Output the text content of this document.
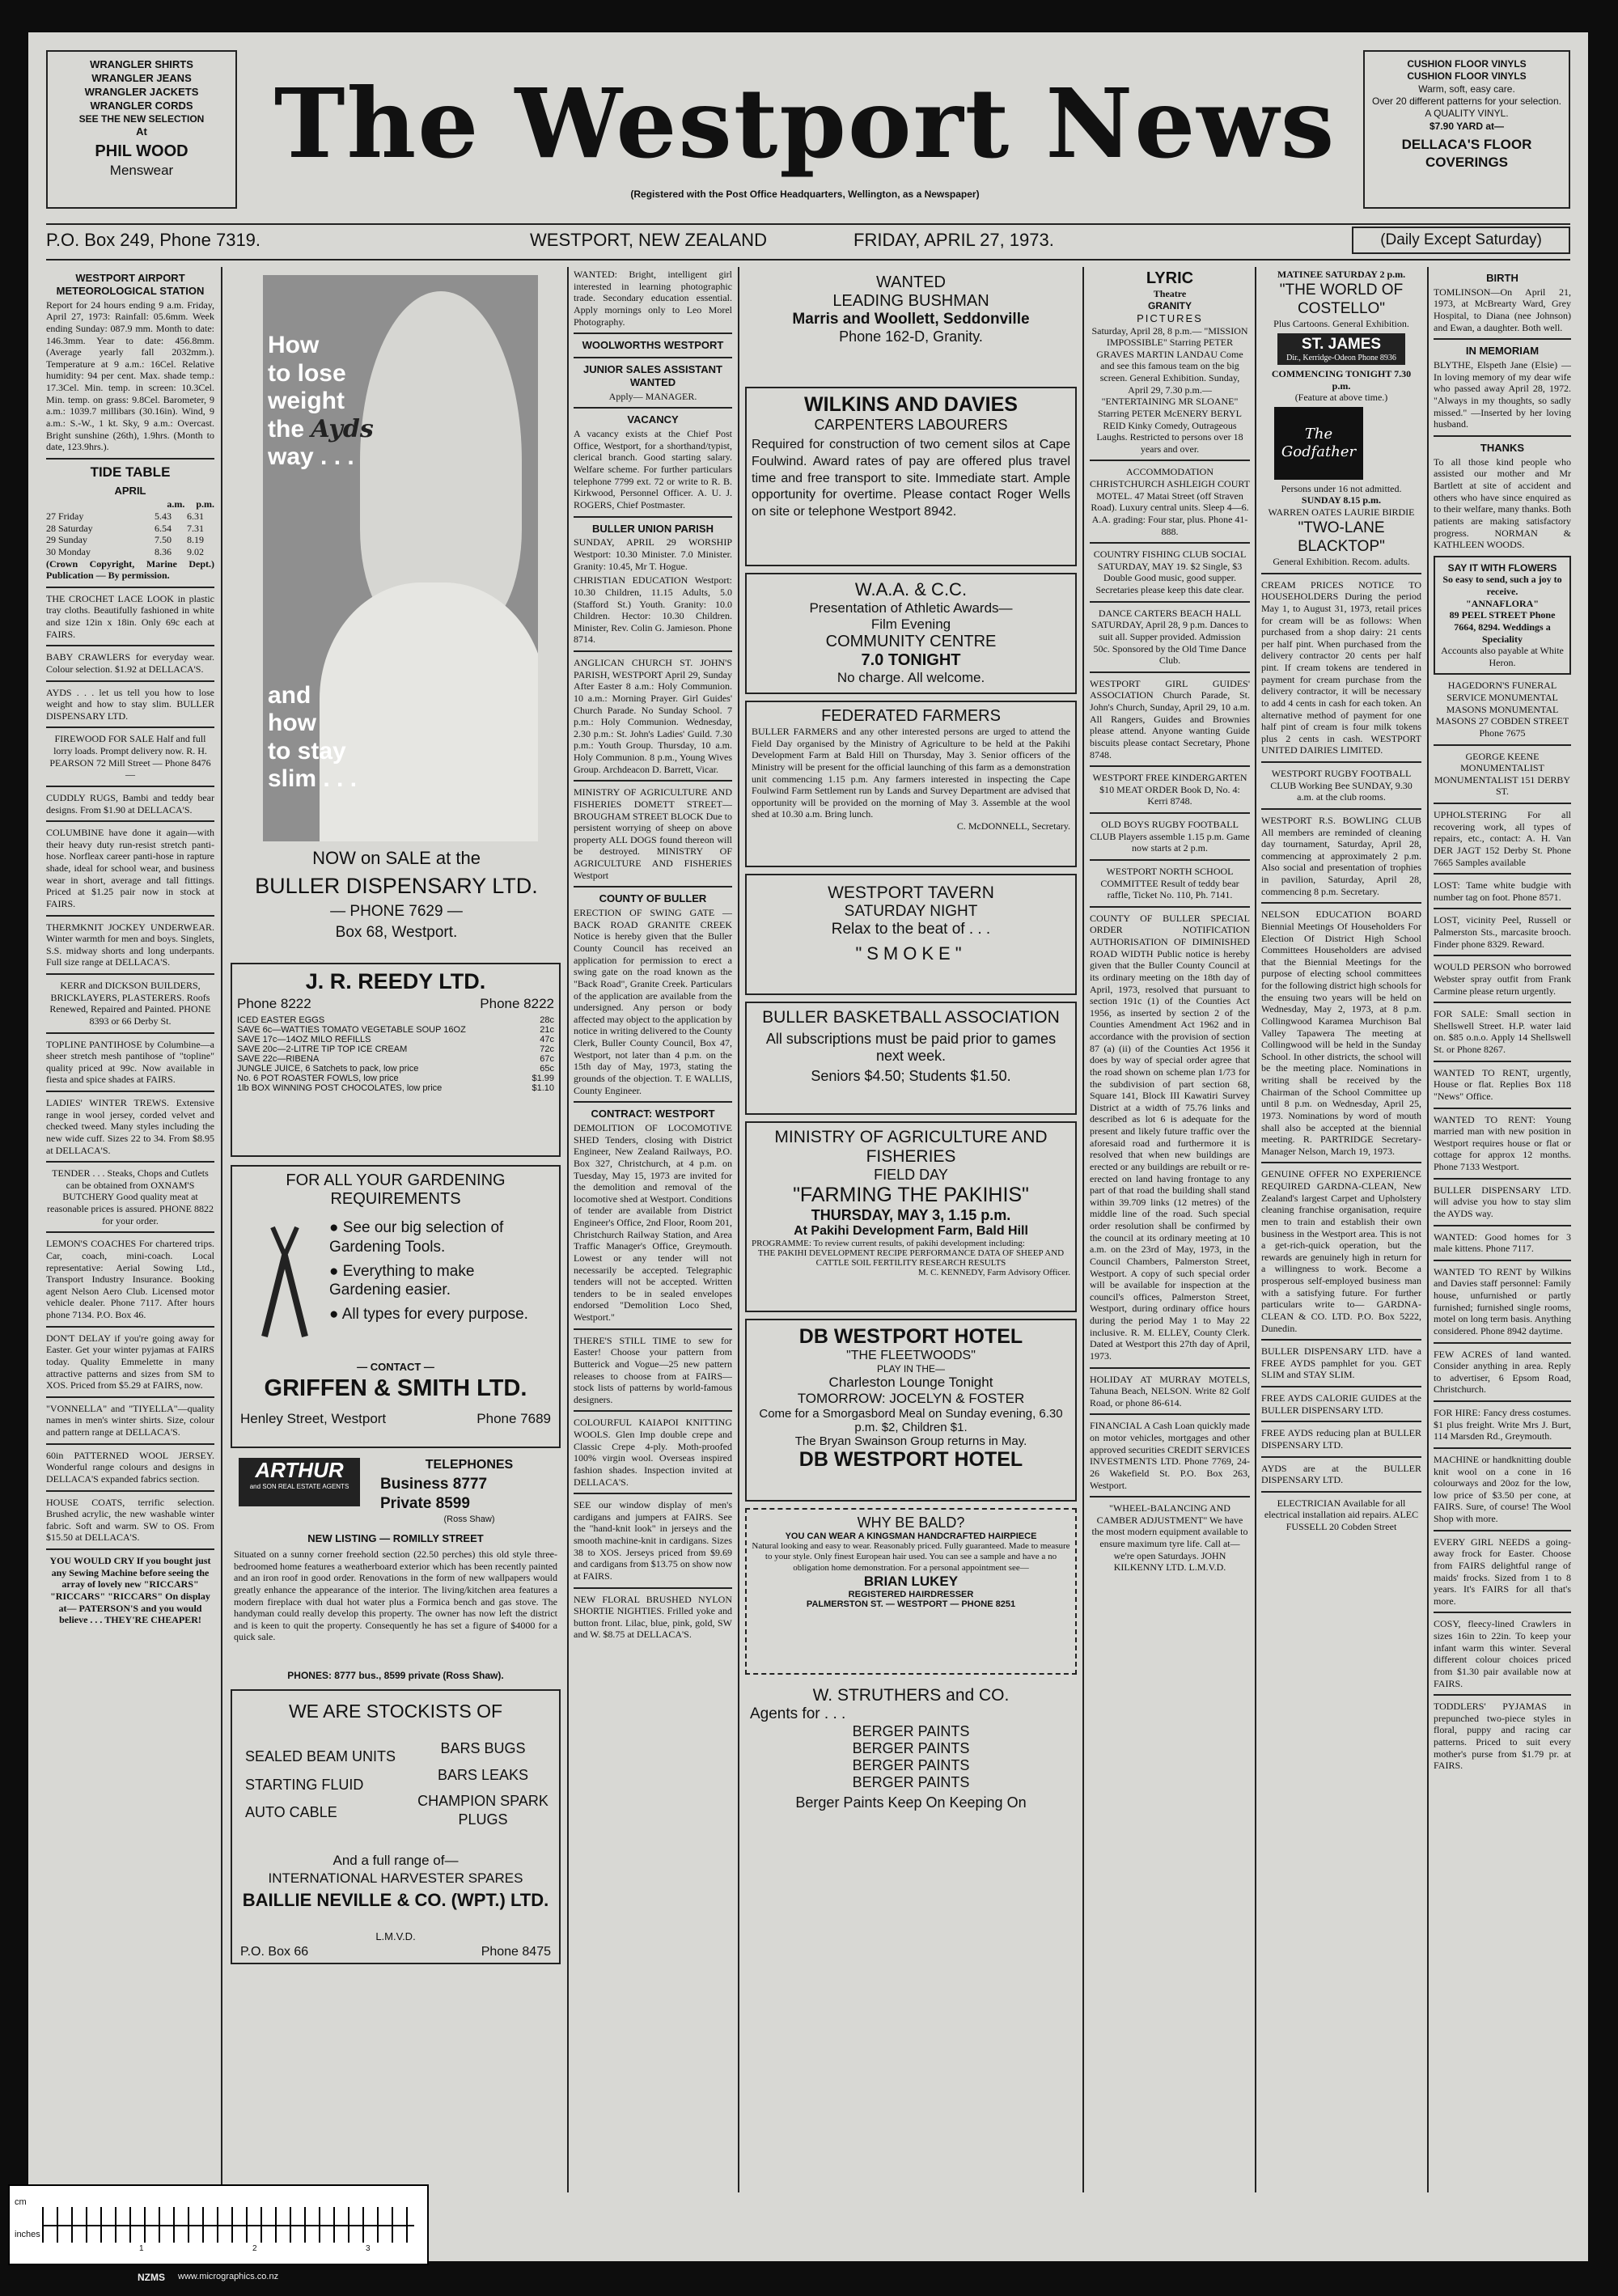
WRANGLER SHIRTS
WRANGLER JEANS
WRANGLER JACKETS
WRANGLER CORDS
SEE THE NEW SELECTION
At
PHIL WOOD
Menswear	The Westport News
(Registered with the Post Office Headquarters, Wellington, as a Newspaper)
CUSHION FLOOR VINYLS
CUSHION FLOOR VINYLS
Warm, soft, easy care.
Over 20 different patterns for your selection.
A QUALITY VINYL.
$7.90 YARD at—
DELLACA'S FLOOR COVERINGS
P.O. Box 249, Phone 7319.	WESTPORT, NEW ZEALAND	FRIDAY, APRIL 27, 1973.	(Daily Except Saturday)
WESTPORT AIRPORT METEOROLOGICAL STATION

Report for 24 hours ending 9 a.m. Friday, April 27, 1973: Rainfall: 05.6mm. Week ending Sunday: 087.9 mm. Month to date: 146.3mm. Year to date: 456.8mm. (Average yearly fall 2032mm.). Temperature at 9 a.m.: 16Cel. Relative humidity: 94 per cent. Max. shade temp.: 17.3Cel. Min. temp. in screen: 10.3Cel. Min. temp. on grass: 9.8Cel. Barometer, 9 a.m.: 1039.7 millibars (30.16in). Wind, 9 a.m.: S.-W., 1 kt. Sky, 9 a.m.: Overcast. Bright sunshine (26th), 1.9hrs. (Month to date, 123.9hrs.).

TIDE TABLE
APRIL
a.m. p.m.
27 Friday	5.43	6.31
28 Saturday	6.54	7.31
29 Sunday	7.50	8.19
30 Monday	8.36	9.02

(Crown Copyright, Marine Dept.) Publication — By permission.

THE CROCHET LACE LOOK in plastic tray cloths. Beautifully fashioned in white and size 12in x 18in. Only 69c each at FAIRS.

BABY CRAWLERS for everyday wear. Colour selection. $1.92 at DELLACA'S.

AYDS . . . let us tell you how to lose weight and how to stay slim. BULLER DISPENSARY LTD.

FIREWOOD FOR SALE Half and full lorry loads. Prompt delivery now. R. H. PEARSON 72 Mill Street — Phone 8476 —

CUDDLY RUGS, Bambi and teddy bear designs. From $1.90 at DELLACA'S.

COLUMBINE have done it again—with their heavy duty run-resist stretch panti-hose. Norfleax career panti-hose in rapture shade, ideal for school wear, and business wear in short, average and tall fittings. Priced at $1.25 pair now in stock at FAIRS.

THERMKNIT JOCKEY UNDERWEAR. Winter warmth for men and boys. Singlets, S.S. midway shorts and long underpants. Full size range at DELLACA'S.

KERR and DICKSON BUILDERS, BRICKLAYERS, PLASTERERS. Roofs Renewed, Repaired and Painted. PHONE 8393 or 66 Derby St.

TOPLINE PANTIHOSE by Columbine—a sheer stretch mesh pantihose of "topline" quality priced at 99c. Now available in fiesta and spice shades at FAIRS.

LADIES' WINTER TREWS. Extensive range in wool jersey, corded velvet and checked tweed. Many styles including the new wide cuff. Sizes 22 to 34. From $8.95 at DELLACA'S.

TENDER . . . Steaks, Chops and Cutlets can be obtained from OXNAM'S BUTCHERY Good quality meat at reasonable prices is assured. PHONE 8822 for your order.

LEMON'S COACHES For chartered trips. Car, coach, mini-coach. Local representative: Aerial Sowing Ltd., Transport Industry Insurance. Booking agent Nelson Aero Club. Licensed motor vehicle dealer. Phone 7117. After hours phone 7134. P.O. Box 46.

DON'T DELAY if you're going away for Easter. Get your winter pyjamas at FAIRS today. Quality Emmelette in many attractive patterns and sizes from SM to XOS. Priced from $5.29 at FAIRS, now.

"VONNELLA" and "TIYELLA"—quality names in men's winter shirts. Size, colour and pattern range at DELLACA'S.

60in PATTERNED WOOL JERSEY. Wonderful range colours and designs in DELLACA'S expanded fabrics section.

HOUSE COATS, terrific selection. Brushed acrylic, the new washable winter fabric. Soft and warm. SW to OS. From $15.50 at DELLACA'S.

YOU WOULD CRY If you bought just any Sewing Machine before seeing the array of lovely new "RICCARS" "RICCARS" "RICCARS" On display at— PATERSON'S and you would believe . . . THEY'RE CHEAPER!

How
to lose
weight
the Ayds
way . . .
and
how
to stay
slim . . .
NOW on SALE at the
BULLER DISPENSARY LTD.
— PHONE 7629 —
Box 68, Westport.
J. R. REEDY LTD.
Phone 8222	Phone 8222
ICED EASTER EGGS	28c
SAVE 6c—WATTIES TOMATO VEGETABLE SOUP 16OZ	21c
SAVE 17c—14OZ MILO REFILLS	47c
SAVE 20c—2-LITRE TIP TOP ICE CREAM	72c
SAVE 22c—RIBENA	67c
JUNGLE JUICE, 6 Satchets to pack, low price	65c
No. 6 POT ROASTER FOWLS, low price	$1.99
1lb BOX WINNING POST CHOCOLATES, low price	$1.10
FOR ALL YOUR GARDENING REQUIREMENTS
● See our big selection of Gardening Tools.
● Everything to make Gardening easier.
● All types for every purpose.
— CONTACT —
GRIFFEN & SMITH LTD.
Henley Street, Westport	Phone 7689
ARTHUR
and SON REAL ESTATE AGENTS
TELEPHONES
Business 8777
Private 8599
(Ross Shaw)
NEW LISTING — ROMILLY STREET
Situated on a sunny corner freehold section (22.50 perches) this old style three-bedroomed home features a weatherboard exterior which has been recently painted and an iron roof in good order. Renovations in the form of new wallpapers would greatly enhance the appearance of the interior. The living/kitchen area features a modern fireplace with dual hot water plus a Formica bench and gas stove. The handyman could really develop this property. The owner has now left the district and is keen to quit the property. Consequently he has set a figure of $4000 for a quick sale.
PHONES: 8777 bus., 8599 private (Ross Shaw).
WE ARE STOCKISTS OF
SEALED BEAM UNITS
STARTING FLUID
AUTO CABLE
BARS BUGS
BARS LEAKS
CHAMPION SPARK PLUGS
And a full range of—
INTERNATIONAL HARVESTER SPARES
BAILLIE NEVILLE & CO. (WPT.) LTD.
L.M.V.D.
P.O. Box 66	Phone 8475

WANTED: Bright, intelligent girl interested in learning photographic trade. Secondary education essential. Apply mornings only to Leo Morel Photography.

WOOLWORTHS WESTPORT
JUNIOR SALES ASSISTANT WANTED

Apply— MANAGER.

VACANCY

A vacancy exists at the Chief Post Office, Westport, for a shorthand/typist, clerical branch. Good starting salary. Welfare scheme. For further particulars telephone 7799 ext. 72 or write to R. B. Kirkwood, Personnel Officer. A. U. J. ROGERS, Chief Postmaster.

BULLER UNION PARISH

SUNDAY, APRIL 29 WORSHIP Westport: 10.30 Minister. 7.0 Minister. Granity: 10.45, Mr T. Hogue.

CHRISTIAN EDUCATION Westport: 10.30 Children, 11.15 Adults, 5.0 (Stafford St.) Youth. Granity: 10.0 Children. Hector: 10.30 Children. Minister, Rev. Colin G. Jamieson. Phone 8714.

ANGLICAN CHURCH ST. JOHN'S PARISH, WESTPORT April 29, Sunday After Easter 8 a.m.: Holy Communion. 10 a.m.: Morning Prayer. Girl Guides' Church Parade. No Sunday School. 7 p.m.: Holy Communion. Wednesday, 2.30 p.m.: St. John's Ladies' Guild. 7.30 p.m.: Youth Group. Thursday, 10 a.m. Holy Communion. 8 p.m., Young Wives Group. Archdeacon D. Barrett, Vicar.

MINISTRY OF AGRICULTURE AND FISHERIES DOMETT STREET—BROUGHAM STREET BLOCK Due to persistent worrying of sheep on above property ALL DOGS found thereon will be destroyed. MINISTRY OF AGRICULTURE AND FISHERIES Westport

COUNTY OF BULLER

ERECTION OF SWING GATE —BACK ROAD GRANITE CREEK Notice is hereby given that the Buller County Council has received an application for permission to erect a swing gate on the road known as the "Back Road", Granite Creek. Particulars of the application are available from the undersigned. Any person or body affected may object to the application by notice in writing delivered to the County Clerk, Buller County Council, Box 47, Westport, not later than 4 p.m. on the 15th day of May, 1973, stating the grounds of the objection. T. E WALLIS, County Engineer.

CONTRACT: WESTPORT

DEMOLITION OF LOCOMOTIVE SHED Tenders, closing with District Engineer, New Zealand Railways, P.O. Box 327, Christchurch, at 4 p.m. on Tuesday, May 15, 1973 are invited for the demolition and removal of the locomotive shed at Westport. Conditions of tender are available from District Engineer's Office, 2nd Floor, Room 201, Christchurch Railway Station, and Area Traffic Manager's Office, Greymouth. Lowest or any tender will not necessarily be accepted. Telegraphic tenders will not be accepted. Written tenders to be in sealed envelopes endorsed "Demolition Loco Shed, Westport."

THERE'S STILL TIME to sew for Easter! Choose your pattern from Butterick and Vogue—25 new pattern releases to choose from at FAIRS—stock lists of patterns by world-famous designers.

COLOURFUL KAIAPOI KNITTING WOOLS. Glen Imp double crepe and Classic Crepe 4-ply. Moth-proofed 100% virgin wool. Overseas inspired fashion shades. Inspection invited at DELLACA'S.

SEE our window display of men's cardigans and jumpers at FAIRS. See the "hand-knit look" in jerseys and the smooth machine-knit in cardigans. Sizes 38 to XOS. Jerseys priced from $9.69 and cardigans from $13.75 on show now at FAIRS.

NEW FLORAL BRUSHED NYLON SHORTIE NIGHTIES. Frilled yoke and button front. Lilac, blue, pink, gold, SW and W. $8.75 at DELLACA'S.

WANTED
LEADING BUSHMAN
Marris and Woollett, Seddonville
Phone 162-D, Granity.
WILKINS AND DAVIES
CARPENTERS LABOURERS
Required for construction of two cement silos at Cape Foulwind. Award rates of pay are offered plus travel time and free transport to site. Immediate start. Ample opportunity for overtime. Please contact Roger Wells on site or telephone Westport 8942.
W.A.A. & C.C.
Presentation of Athletic Awards—
Film Evening
COMMUNITY CENTRE
7.0 TONIGHT
No charge. All welcome.
FEDERATED FARMERS
BULLER FARMERS and any other interested persons are urged to attend the Field Day organised by the Ministry of Agriculture to be held at the Pakihi Development Farm at Bald Hill on Thursday, May 3. Senior officers of the Ministry will be present for the official launching of this farm as a demonstration unit commencing 1.15 p.m. Any farmers interested in inspecting the Cape Foulwind Farm Settlement run by Lands and Survey Department are advised that opportunity will be provided on the morning of May 3. Assemble at the wool shed at 10.30 a.m. Bring lunch.
C. McDONNELL, Secretary.
WESTPORT TAVERN
SATURDAY NIGHT
Relax to the beat of . . .
"SMOKE"
BULLER BASKETBALL ASSOCIATION
All subscriptions must be paid prior to games next week.
Seniors $4.50; Students $1.50.
MINISTRY OF AGRICULTURE AND FISHERIES
FIELD DAY
"FARMING THE PAKIHIS"
THURSDAY, MAY 3, 1.15 p.m.
At Pakihi Development Farm, Bald Hill
PROGRAMME: To review current results, of pakihi development including:
THE PAKIHI DEVELOPMENT RECIPE PERFORMANCE DATA OF SHEEP AND CATTLE SOIL FERTILITY RESEARCH RESULTS
M. C. KENNEDY, Farm Advisory Officer.
DB WESTPORT HOTEL
"THE FLEETWOODS"
PLAY IN THE—
Charleston Lounge Tonight
TOMORROW: JOCELYN & FOSTER
Come for a Smorgasbord Meal on Sunday evening, 6.30 p.m. $2, Children $1.
The Bryan Swainson Group returns in May.
DB WESTPORT HOTEL
WHY BE BALD?
YOU CAN WEAR A KINGSMAN HANDCRAFTED HAIRPIECE
Natural looking and easy to wear. Reasonably priced. Fully guaranteed. Made to measure to your style. Only finest European hair used. You can see a sample and have a no obligation home demonstration. For a personal appointment see—
BRIAN LUKEY
REGISTERED HAIRDRESSER
PALMERSTON ST. — WESTPORT — PHONE 8251
W. STRUTHERS and CO.
Agents for . . .
BERGER PAINTS
BERGER PAINTS
BERGER PAINTS
BERGER PAINTS
Berger Paints Keep On Keeping On
LYRIC
Theatre
GRANITY
PICTURES

Saturday, April 28, 8 p.m.— "MISSION IMPOSSIBLE" Starring PETER GRAVES MARTIN LANDAU Come and see this famous team on the big screen. General Exhibition. Sunday, April 29, 7.30 p.m.— "ENTERTAINING MR SLOANE" Starring PETER McENERY BERYL REID Kinky Comedy, Outrageous Laughs. Restricted to persons over 18 years and over.

ACCOMMODATION CHRISTCHURCH ASHLEIGH COURT MOTEL. 47 Matai Street (off Straven Road). Luxury central units. Sleep 4—6. A.A. grading: Four star, plus. Phone 41-888.

COUNTRY FISHING CLUB SOCIAL SATURDAY, MAY 19. $2 Single, $3 Double Good music, good supper. Secretaries please keep this date clear.

DANCE CARTERS BEACH HALL SATURDAY, April 28, 9 p.m. Dances to suit all. Supper provided. Admission 50c. Sponsored by the Old Time Dance Club.

WESTPORT GIRL GUIDES' ASSOCIATION Church Parade, St. John's Church, Sunday, April 29, 10 a.m. All Rangers, Guides and Brownies please attend. Anyone wanting Guide biscuits please contact Secretary, Phone 8748.

WESTPORT FREE KINDERGARTEN $10 MEAT ORDER Book D, No. 4: Kerri 8748.

OLD BOYS RUGBY FOOTBALL CLUB Players assemble 1.15 p.m. Game now starts at 2 p.m.

WESTPORT NORTH SCHOOL COMMITTEE Result of teddy bear raffle, Ticket No. 110, Ph. 7141.

COUNTY OF BULLER SPECIAL ORDER NOTIFICATION AUTHORISATION OF DIMINISHED ROAD WIDTH Public notice is hereby given that the Buller County Council at its ordinary meeting on the 18th day of April, 1973, resolved that pursuant to section 191c (1) of the Counties Act 1956, as inserted by section 2 of the Counties Amendment Act 1962 and in accordance with the provision of section 87 (a) (ii) of the Counties Act 1956 it does by way of special order agree that the road shown on scheme plan 1/73 for the subdivision of part section 68, Square 141, Block III Kawatiri Survey District at a width of 75.76 links and described as lot 6 is adequate for the present and likely future traffic over the aforesaid road and furthermore it is resolved that when new buildings are erected or any buildings are rebuilt or re-erected on land having frontage to any part of that road the building shall stand within 39.709 links (12 metres) of the middle line of the road. Such special order resolution shall be confirmed by the council at its ordinary meeting at 10 a.m. on the 23rd of May, 1973, in the Council Chambers, Palmerston Street, Westport. A copy of such special order will be available for inspection at the council's offices, Palmerston Street, Westport, during ordinary office hours during the period May 1 to May 22 inclusive. R. M. ELLEY, County Clerk. Dated at Westport this 27th day of April, 1973.

HOLIDAY AT MURRAY MOTELS, Tahuna Beach, NELSON. Write 82 Golf Road, or phone 86-614.

FINANCIAL A Cash Loan quickly made on motor vehicles, mortgages and other approved securities CREDIT SERVICES INVESTMENTS LTD. Phone 7769, 24-26 Wakefield St. P.O. Box 263, Westport.

"WHEEL-BALANCING AND CAMBER ADJUSTMENT" We have the most modern equipment available to ensure maximum tyre life. Call at—we're open Saturdays. JOHN KILKENNY LTD. L.M.V.D.

MATINEE SATURDAY 2 p.m.
"THE WORLD OF COSTELLO"
Plus Cartoons. General Exhibition.
ST. JAMES
Dir., Kerridge-Odeon Phone 8936
COMMENCING TONIGHT 7.30 p.m.
(Feature at above time.)
The Godfather
Persons under 16 not admitted.
SUNDAY 8.15 p.m.
WARREN OATES LAURIE BIRDIE
"TWO-LANE BLACKTOP"
General Exhibition. Recom. adults.

CREAM PRICES NOTICE TO HOUSEHOLDERS During the period May 1, to August 31, 1973, retail prices for cream will be as follows: When purchased from a shop dairy: 21 cents per half pint. When purchased from the delivery contractor 20 cents per half pint. If cream tokens are tendered in payment for cream purchase from the delivery contractor, it will be necessary to add 4 cents in cash for each token. An alternative method of payment for one half pint of cream is four milk tokens plus 2 cents in cash. WESTPORT UNITED DAIRIES LIMITED.

WESTPORT RUGBY FOOTBALL CLUB Working Bee SUNDAY, 9.30 a.m. at the club rooms.

WESTPORT R.S. BOWLING CLUB All members are reminded of cleaning day tournament, Saturday, April 28, commencing at approximately 2 p.m. Also social and presentation of trophies in pavilion, Saturday, April 28, commencing 8 p.m. Secretary.

NELSON EDUCATION BOARD Biennial Meetings Of Householders For Election Of District High School Committees Householders are advised that the Biennial Meetings for the purpose of electing school committees for the following district high schools for the ensuing two years will be held on Wednesday, May 2, 1973, at 8 p.m. Collingwood Karamea Murchison Bal Valley Tapawera The meeting at Collingwood will be held in the Sunday School. In other districts, the school will be the meeting place. Nominations in writing shall be received by the Chairman of the School Committee up until 8 p.m. on Wednesday, April 25, 1973. Nominations by word of mouth shall also be accepted at the biennial meeting. R. PARTRIDGE Secretary-Manager Nelson, March 19, 1973.

GENUINE OFFER NO EXPERIENCE REQUIRED GARDNA-CLEAN, New Zealand's largest Carpet and Upholstery cleaning franchise organisation, require men to train and establish their own business in the Westport area. This is not a get-rich-quick operation, but the rewards are genuinely high in return for a willingness to work. Become a prosperous self-employed business man with a satisfying future. For further particulars write to— GARDNA-CLEAN & CO. LTD. P.O. Box 5222, Dunedin.

BULLER DISPENSARY LTD. have a FREE AYDS pamphlet for you. GET SLIM and STAY SLIM.

FREE AYDS CALORIE GUIDES at the BULLER DISPENSARY LTD.

FREE AYDS reducing plan at BULLER DISPENSARY LTD.

AYDS are at the BULLER DISPENSARY LTD.

ELECTRICIAN Available for all electrical installation aid repairs. ALEC FUSSELL 20 Cobden Street

BIRTH

TOMLINSON—On April 21, 1973, at McBrearty Ward, Grey Hospital, to Diana (nee Johnson) and Ewan, a daughter. Both well.

IN MEMORIAM

BLYTHE, Elspeth Jane (Elsie) —In loving memory of my dear wife who passed away April 28, 1972. "Always in my thoughts, so sadly missed." —Inserted by her loving husband.

THANKS

To all those kind people who assisted our mother and Mr Bartlett at site of accident and others who have since enquired as to their welfare, many thanks. Both patients are making satisfactory progress. NORMAN & KATHLEEN WOODS.

SAY IT WITH FLOWERS
So easy to send, such a joy to receive.
"ANNAFLORA"
89 PEEL STREET Phone 7664, 8294. Weddings a Speciality
Accounts also payable at White Heron.

HAGEDORN'S FUNERAL SERVICE MONUMENTAL MASONS MONUMENTAL MASONS 27 COBDEN STREET Phone 7675

GEORGE KEENE MONUMENTALIST MONUMENTALIST 151 DERBY ST.

UPHOLSTERING For all recovering work, all types of repairs, etc., contact: A. H. Van DER JAGT 152 Derby St. Phone 7665 Samples available

LOST: Tame white budgie with number tag on foot. Phone 8571.

LOST, vicinity Peel, Russell or Palmerston Sts., marcasite brooch. Finder phone 8329. Reward.

WOULD PERSON who borrowed Webster spray outfit from Frank Carmine please return urgently.

FOR SALE: Small section in Shellswell Street. H.P. water laid on. $85 o.n.o. Apply 14 Shellswell St. or Phone 8267.

WANTED TO RENT, urgently, House or flat. Replies Box 118 "News" Office.

WANTED TO RENT: Young married man with new position in Westport requires house or flat or cottage for approx 12 months. Phone 7133 Westport.

BULLER DISPENSARY LTD. will advise you how to stay slim the AYDS way.

WANTED: Good homes for 3 male kittens. Phone 7117.

WANTED TO RENT by Wilkins and Davies staff personnel: Family house, unfurnished or partly furnished; furnished single rooms, motel on long term basis. Anything considered. Phone 8942 daytime.

FEW ACRES of land wanted. Consider anything in area. Reply to advertiser, 6 Epsom Road, Christchurch.

FOR HIRE: Fancy dress costumes. $1 plus freight. Write Mrs J. Burt, 114 Marsden Rd., Greymouth.

MACHINE or handknitting double knit wool on a cone in 16 colourways and 20oz for the low, low price of $3.50 per cone, at FAIRS. Sure, of course! The Wool Shop with more.

EVERY GIRL NEEDS a going-away frock for Easter. Choose from FAIRS delightful range of maids' frocks. Sized from 1 to 8 years. It's FAIRS for all that's more.

COSY, fleecy-lined Crawlers in sizes 16in to 22in. To keep your infant warm this winter. Several different colour choices priced from $1.30 pair available now at FAIRS.

TODDLERS' PYJAMAS in prepunched two-piece styles in floral, puppy and racing car patterns. Priced to suit every mother's purse from $1.79 pr. at FAIRS.

cm
inches
1	2	3
NZMS www.micrographics.co.nz
